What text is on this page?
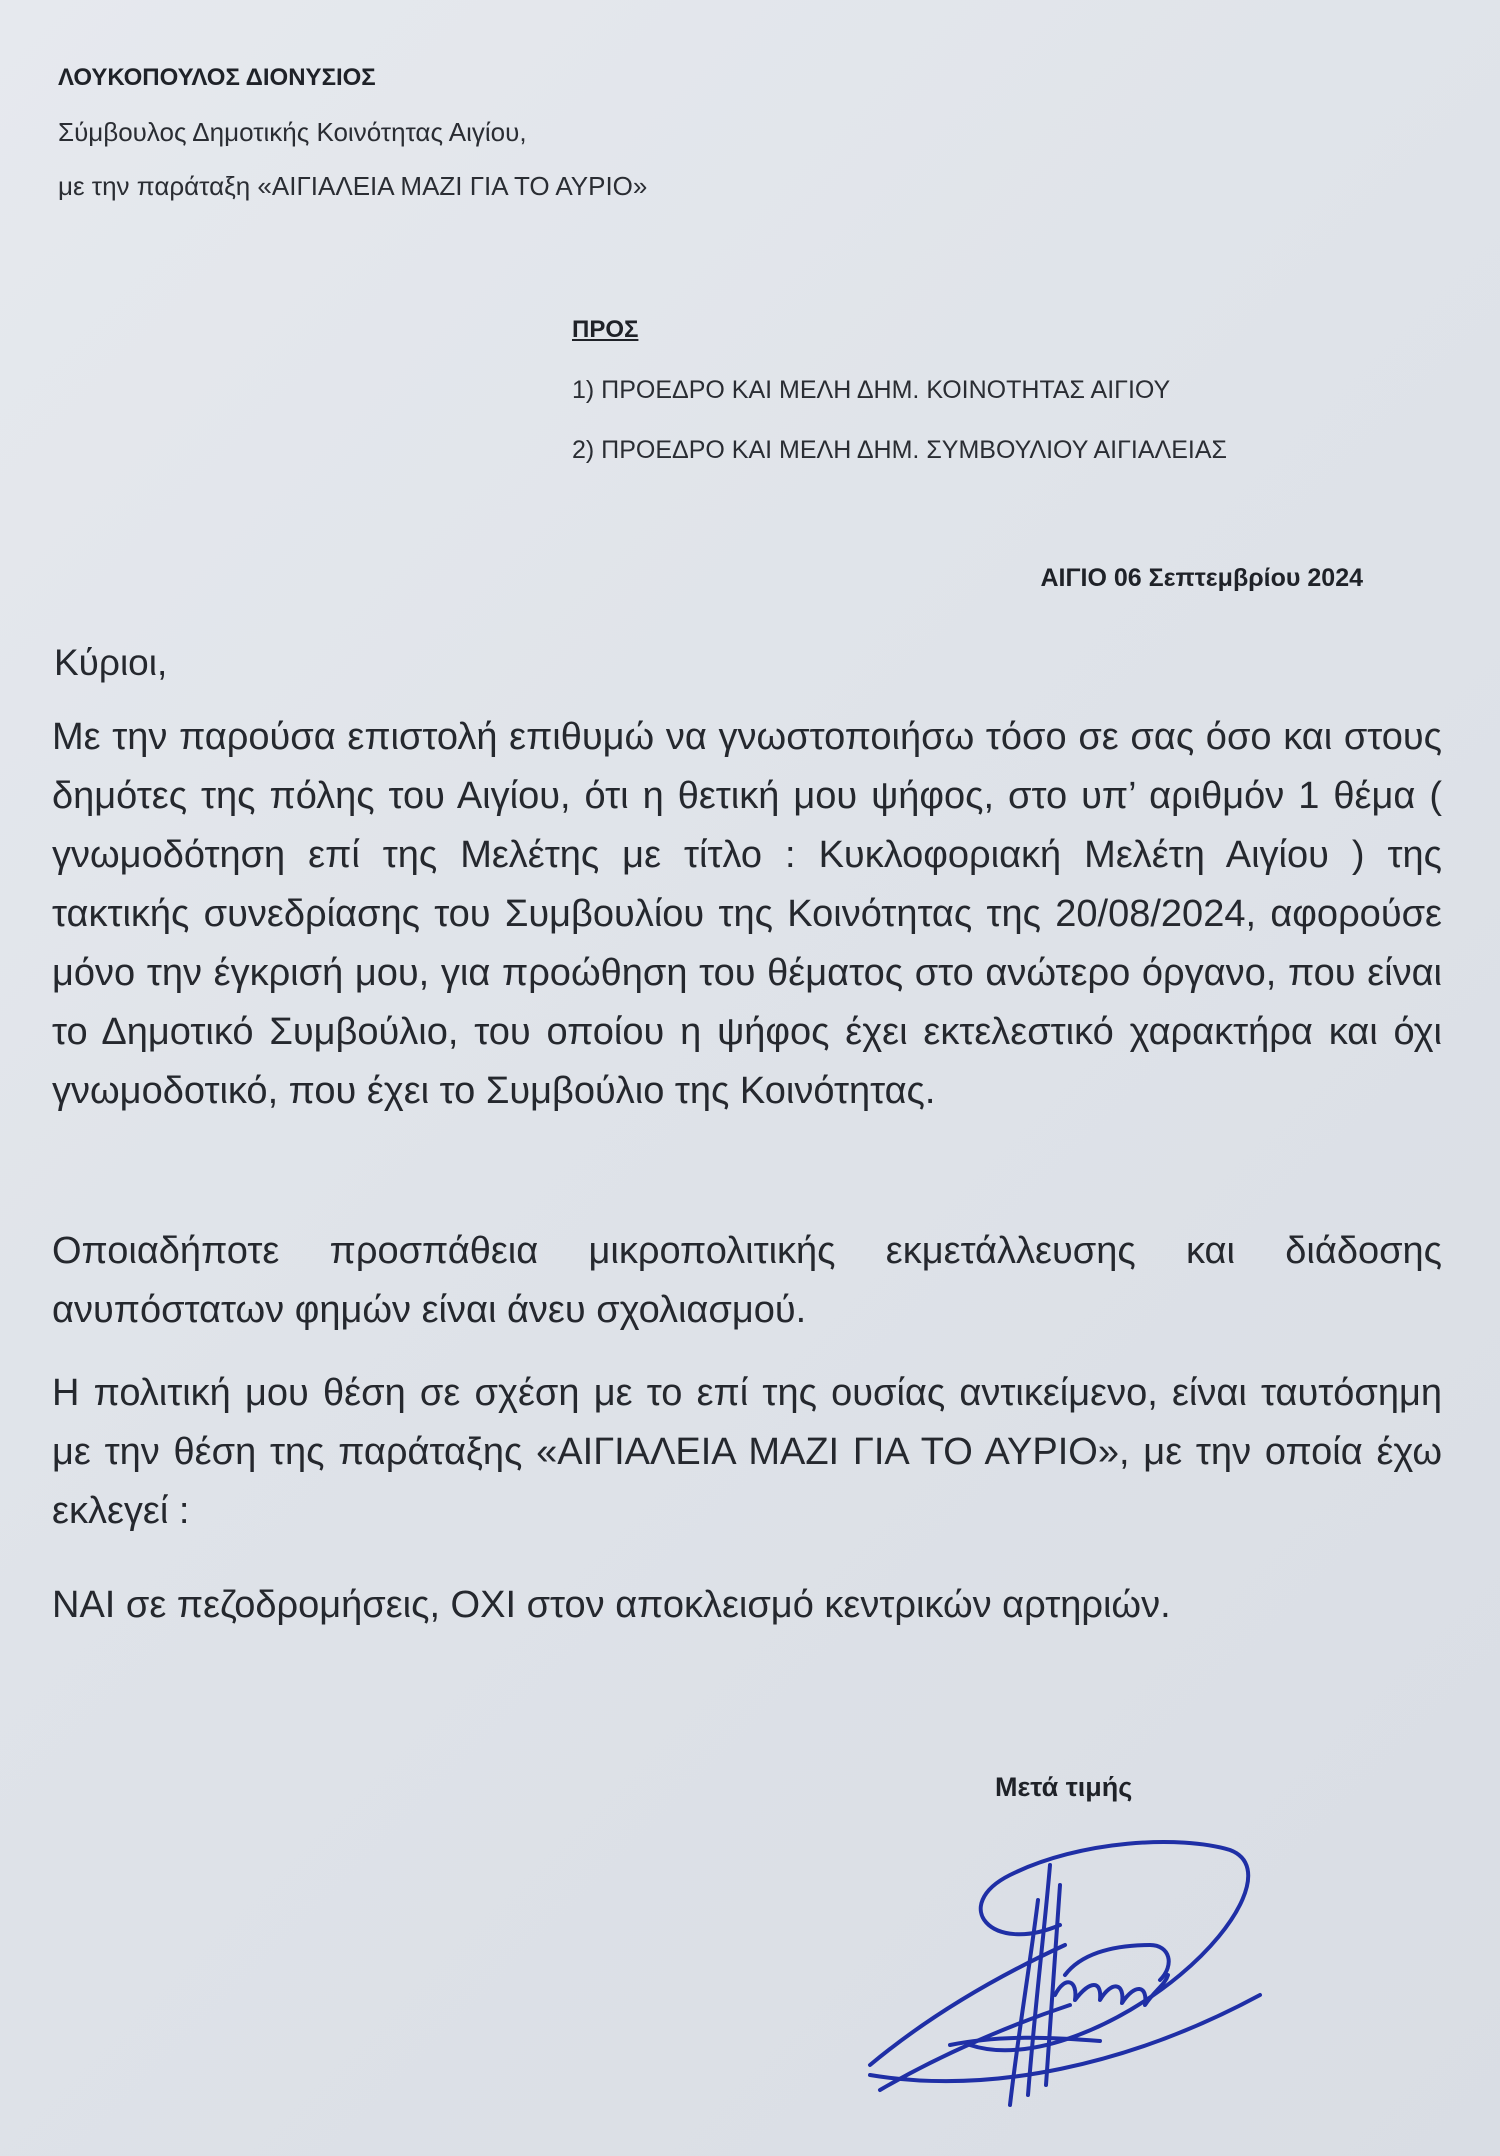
ΛΟΥΚΟΠΟΥΛΟΣ ΔΙΟΝΥΣΙΟΣ
Σύμβουλος Δημοτικής Κοινότητας Αιγίου,
με την παράταξη «ΑΙΓΙΑΛΕΙΑ ΜΑΖΙ ΓΙΑ ΤΟ ΑΥΡΙΟ»
ΠΡΟΣ
1) ΠΡΟΕΔΡΟ ΚΑΙ ΜΕΛΗ ΔΗΜ. ΚΟΙΝΟΤΗΤΑΣ ΑΙΓΙΟΥ
2) ΠΡΟΕΔΡΟ ΚΑΙ ΜΕΛΗ ΔΗΜ. ΣΥΜΒΟΥΛΙΟΥ ΑΙΓΙΑΛΕΙΑΣ
ΑΙΓΙΟ 06 Σεπτεμβρίου 2024
Κύριοι,
Με την παρούσα επιστολή επιθυμώ να γνωστοποιήσω τόσο σε σας όσο και στους δημότες της πόλης του Αιγίου, ότι η θετική μου ψήφος, στο υπ’ αριθμόν 1 θέμα ( γνωμοδότηση επί της Μελέτης με τίτλο : Κυκλοφοριακή Μελέτη Αιγίου ) της τακτικής συνεδρίασης του Συμβουλίου της Κοινότητας της 20/08/2024, αφορούσε μόνο την έγκρισή μου, για προώθηση του θέματος στο ανώτερο όργανο, που είναι το Δημοτικό Συμβούλιο, του οποίου η ψήφος έχει εκτελεστικό χαρακτήρα και όχι γνωμοδοτικό, που έχει το Συμβούλιο της Κοινότητας.
Οποιαδήποτε προσπάθεια μικροπολιτικής εκμετάλλευσης και διάδοσης ανυπόστατων φημών είναι άνευ σχολιασμού.
Η πολιτική μου θέση σε σχέση με το επί της ουσίας αντικείμενο, είναι ταυτόσημη με την θέση της παράταξης «ΑΙΓΙΑΛΕΙΑ ΜΑΖΙ ΓΙΑ ΤΟ ΑΥΡΙΟ», με την οποία έχω εκλεγεί :
ΝΑΙ σε πεζοδρομήσεις, ΟΧΙ στον αποκλεισμό κεντρικών αρτηριών.
Μετά τιμής
